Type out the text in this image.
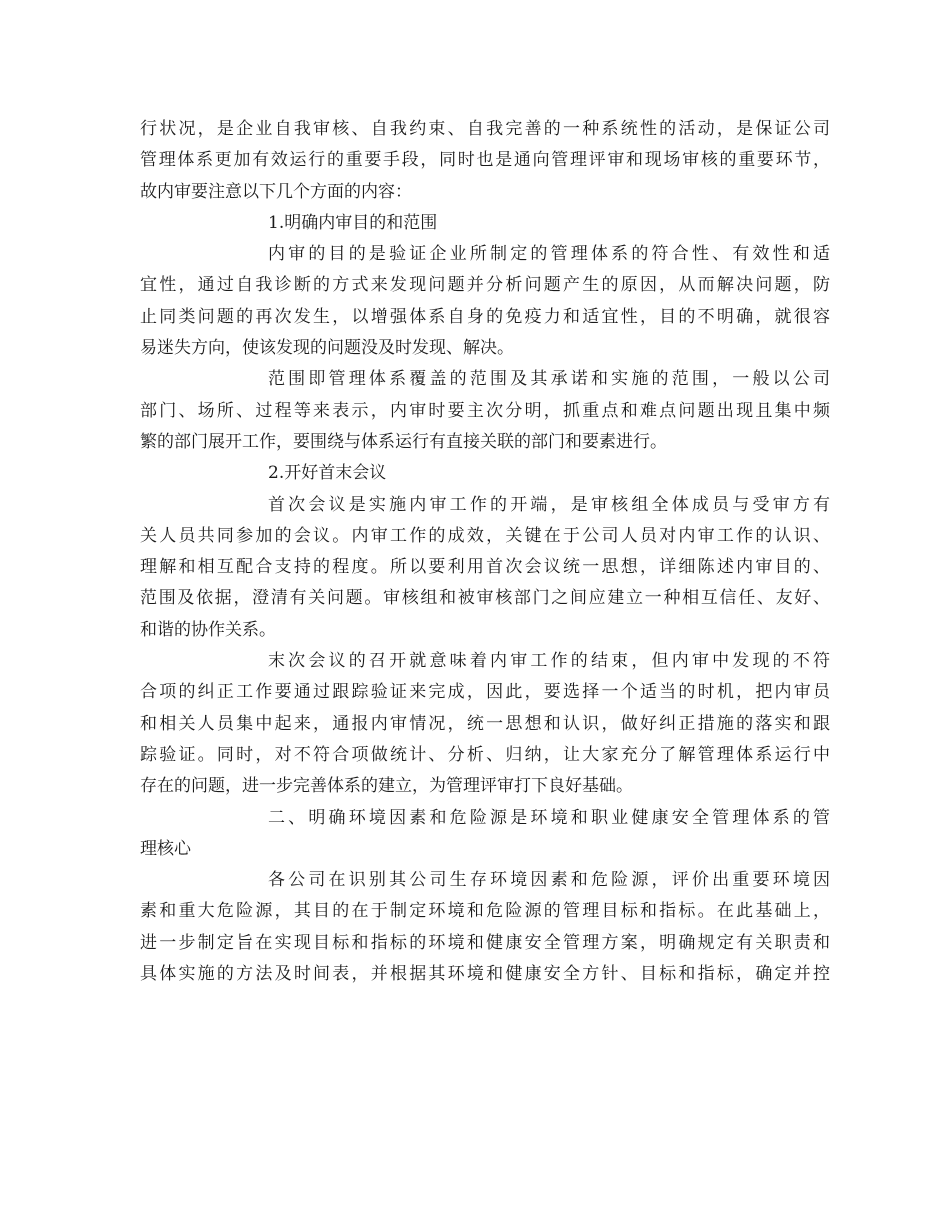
行状况，是企业自我审核、自我约束、自我完善的一种系统性的活动，是保证公司
管理体系更加有效运行的重要手段，同时也是通向管理评审和现场审核的重要环节，
故内审要注意以下几个方面的内容：
1.明确内审目的和范围
内审的目的是验证企业所制定的管理体系的符合性、有效性和适
宜性，通过自我诊断的方式来发现问题并分析问题产生的原因，从而解决问题，防
止同类问题的再次发生，以增强体系自身的免疫力和适宜性，目的不明确，就很容
易迷失方向，使该发现的问题没及时发现、解决。
范围即管理体系覆盖的范围及其承诺和实施的范围，一般以公司
部门、场所、过程等来表示，内审时要主次分明，抓重点和难点问题出现且集中频
繁的部门展开工作，要围绕与体系运行有直接关联的部门和要素进行。
2.开好首末会议
首次会议是实施内审工作的开端，是审核组全体成员与受审方有
关人员共同参加的会议。内审工作的成效，关键在于公司人员对内审工作的认识、
理解和相互配合支持的程度。所以要利用首次会议统一思想，详细陈述内审目的、
范围及依据，澄清有关问题。审核组和被审核部门之间应建立一种相互信任、友好、
和谐的协作关系。
末次会议的召开就意味着内审工作的结束，但内审中发现的不符
合项的纠正工作要通过跟踪验证来完成，因此，要选择一个适当的时机，把内审员
和相关人员集中起来，通报内审情况，统一思想和认识，做好纠正措施的落实和跟
踪验证。同时，对不符合项做统计、分析、归纳，让大家充分了解管理体系运行中
存在的问题，进一步完善体系的建立，为管理评审打下良好基础。
二、明确环境因素和危险源是环境和职业健康安全管理体系的管
理核心
各公司在识别其公司生存环境因素和危险源，评价出重要环境因
素和重大危险源，其目的在于制定环境和危险源的管理目标和指标。在此基础上，
进一步制定旨在实现目标和指标的环境和健康安全管理方案，明确规定有关职责和
具体实施的方法及时间表，并根据其环境和健康安全方针、目标和指标，确定并控
